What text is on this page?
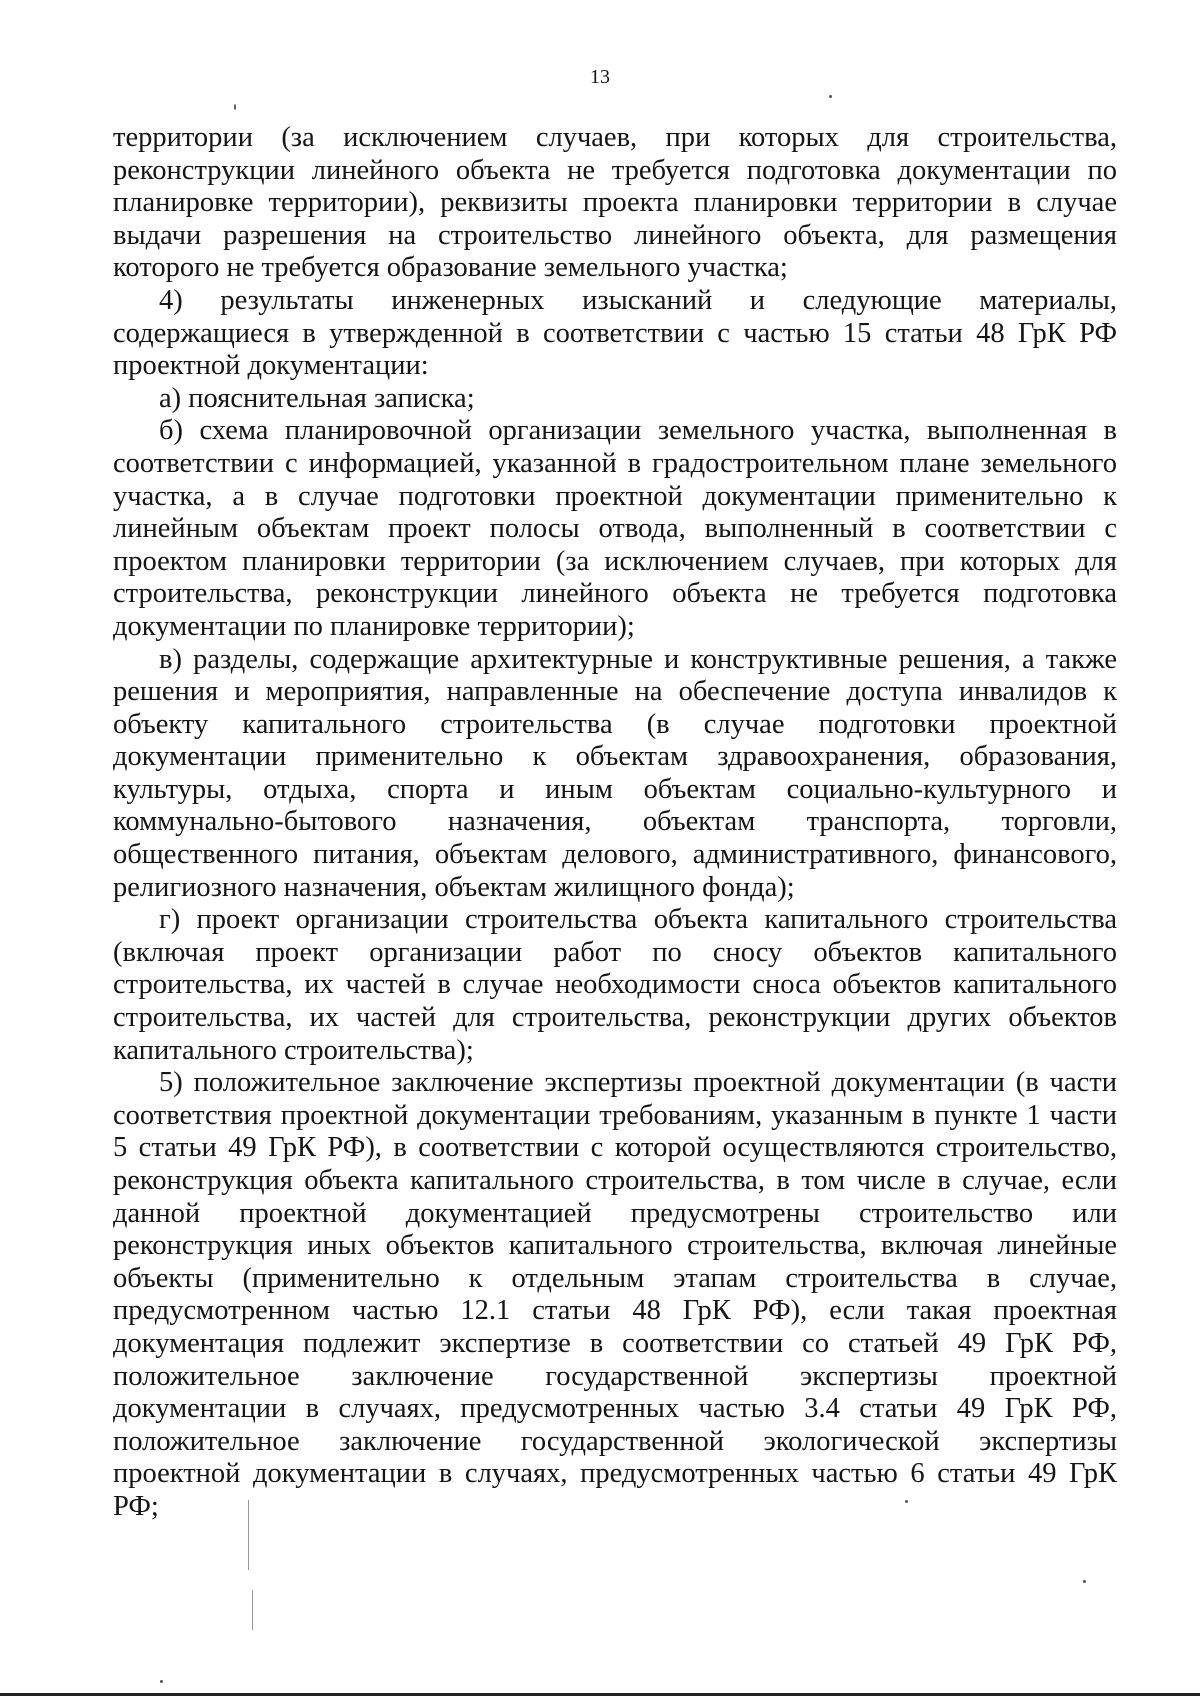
13

территории (за исключением случаев, при которых для строительства, реконструкции линейного объекта не требуется подготовка документации по планировке территории), реквизиты проекта планировки территории в случае выдачи разрешения на строительство линейного объекта, для размещения которого не требуется образование земельного участка;

4) результаты инженерных изысканий и следующие материалы, содержащиеся в утвержденной в соответствии с частью 15 статьи 48 ГрК РФ проектной документации:

а) пояснительная записка;

б) схема планировочной организации земельного участка, выполненная в соответствии с информацией, указанной в градостроительном плане земельного участка, а в случае подготовки проектной документации применительно к линейным объектам проект полосы отвода, выполненный в соответствии с проектом планировки территории (за исключением случаев, при которых для строительства, реконструкции линейного объекта не требуется подготовка документации по планировке территории);

в) разделы, содержащие архитектурные и конструктивные решения, а также решения и мероприятия, направленные на обеспечение доступа инвалидов к объекту капитального строительства (в случае подготовки проектной документации применительно к объектам здравоохранения, образования, культуры, отдыха, спорта и иным объектам социально-культурного и коммунально-бытового назначения, объектам транспорта, торговли, общественного питания, объектам делового, административного, финансового, религиозного назначения, объектам жилищного фонда);

г) проект организации строительства объекта капитального строительства (включая проект организации работ по сносу объектов капитального строительства, их частей в случае необходимости сноса объектов капитального строительства, их частей для строительства, реконструкции других объектов капитального строительства);

5) положительное заключение экспертизы проектной документации (в части соответствия проектной документации требованиям, указанным в пункте 1 части 5 статьи 49 ГрК РФ), в соответствии с которой осуществляются строительство, реконструкция объекта капитального строительства, в том числе в случае, если данной проектной документацией предусмотрены строительство или реконструкция иных объектов капитального строительства, включая линейные объекты (применительно к отдельным этапам строительства в случае, предусмотренном частью 12.1 статьи 48 ГрК РФ), если такая проектная документация подлежит экспертизе в соответствии со статьей 49 ГрК РФ, положительное заключение государственной экспертизы проектной документации в случаях, предусмотренных частью 3.4 статьи 49 ГрК РФ, положительное заключение государственной экологической экспертизы проектной документации в случаях, предусмотренных частью 6 статьи 49 ГрК РФ;
